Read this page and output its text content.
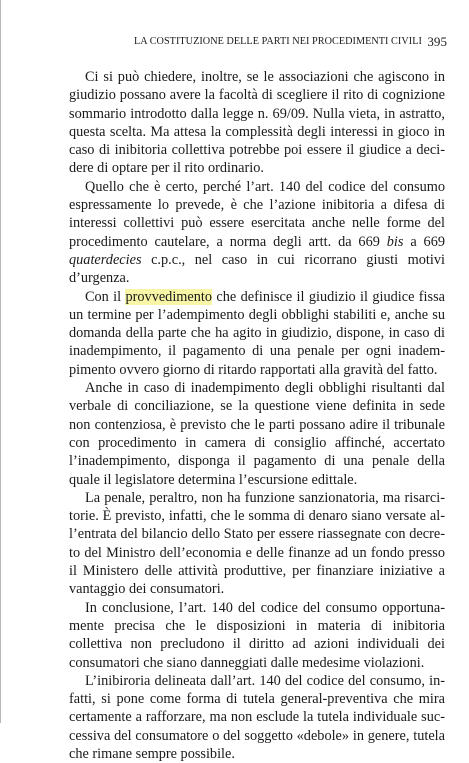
LA COSTITUZIONE DELLE PARTI NEI PROCEDIMENTI CIVILI 395

Ci si può chiedere, inoltre, se le associazioni che agiscono in giudizio possano avere la facoltà di scegliere il rito di cognizione sommario introdotto dalla legge n. 69/09. Nulla vieta, in astratto, questa scelta. Ma attesa la complessità degli interessi in gioco in caso di inibitoria collettiva potrebbe poi essere il giudice a decidere di optare per il rito ordinario.

Quello che è certo, perché l’art. 140 del codice del consumo espressamente lo prevede, è che l’azione inibitoria a difesa di interessi collettivi può essere esercitata anche nelle forme del procedimento cautelare, a norma degli artt. da 669 bis a 669 quaterdecies c.p.c., nel caso in cui ricorrano giusti motivi d’urgenza.

Con il provvedimento che definisce il giudizio il giudice fissa un termine per l’adempimento degli obblighi stabiliti e, anche su domanda della parte che ha agito in giudizio, dispone, in caso di inadempimento, il pagamento di una penale per ogni inadempimento ovvero giorno di ritardo rapportati alla gravità del fatto.

Anche in caso di inadempimento degli obblighi risultanti dal verbale di conciliazione, se la questione viene definita in sede non contenziosa, è previsto che le parti possano adire il tribunale con procedimento in camera di consiglio affinché, accertato l’inadempimento, disponga il pagamento di una penale della quale il legislatore determina l’escursione edittale.

La penale, peraltro, non ha funzione sanzionatoria, ma risarcitorie. È previsto, infatti, che le somma di denaro siano versate all’entrata del bilancio dello Stato per essere riassegnate con decreto del Ministro dell’economia e delle finanze ad un fondo presso il Ministero delle attività produttive, per finanziare iniziative a vantaggio dei consumatori.

In conclusione, l’art. 140 del codice del consumo opportunamente precisa che le disposizioni in materia di inibitoria collettiva non precludono il diritto ad azioni individuali dei consumatori che siano danneggiati dalle medesime violazioni.

L’inibiroria delineata dall’art. 140 del codice del consumo, infatti, si pone come forma di tutela general-preventiva che mira certamente a rafforzare, ma non esclude la tutela individuale successiva del consumatore o del soggetto «debole» in genere, tutela che rimane sempre possibile.
